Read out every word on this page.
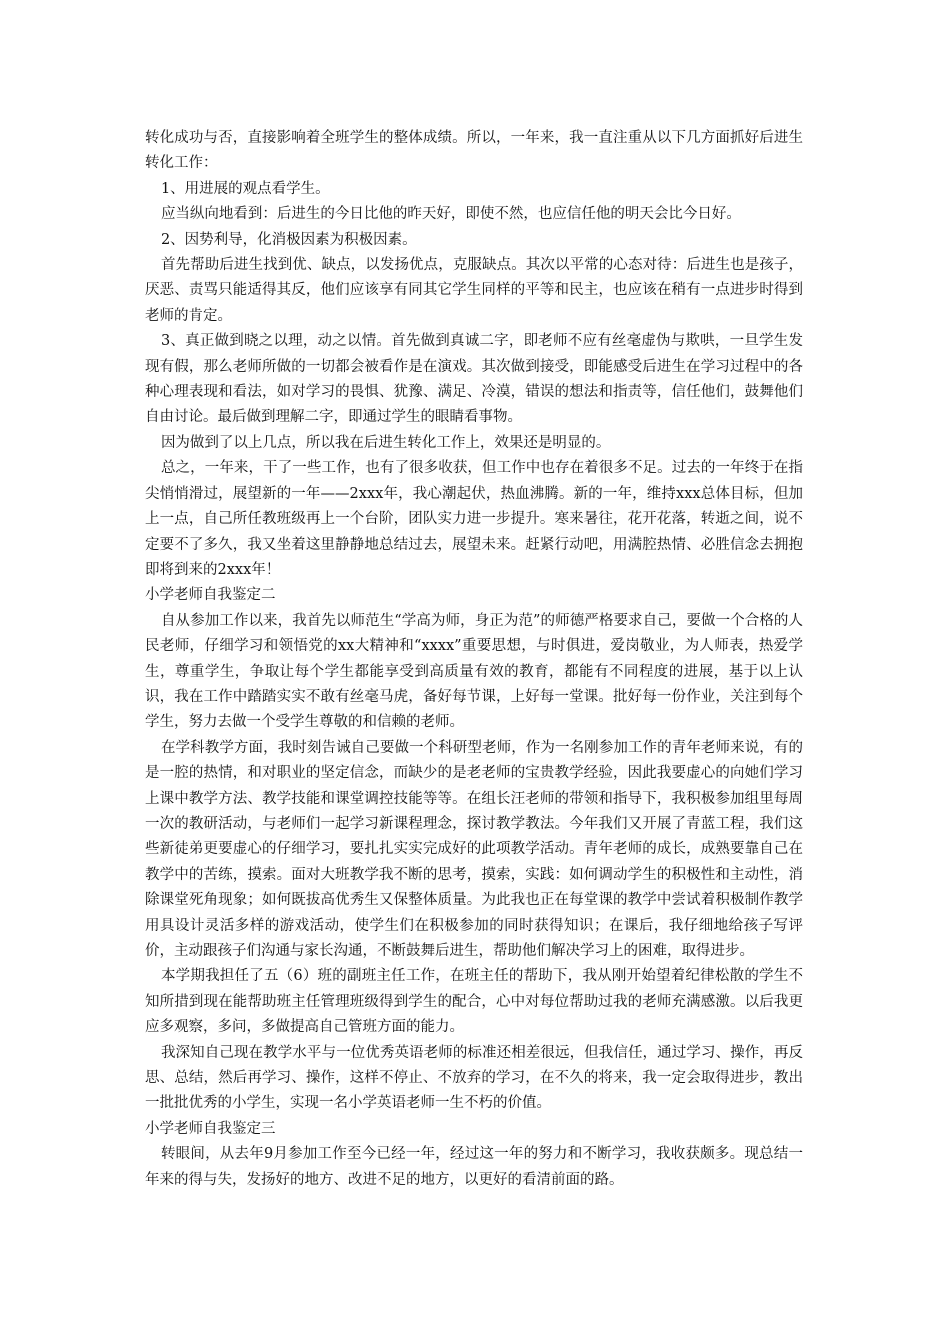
转化成功与否，直接影响着全班学生的整体成绩。所以，一年来，我一直注重从以下几方面抓好后进生转化工作：

1、用进展的观点看学生。

应当纵向地看到：后进生的今日比他的昨天好，即使不然，也应信任他的明天会比今日好。

2、因势利导，化消极因素为积极因素。

首先帮助后进生找到优、缺点，以发扬优点，克服缺点。其次以平常的心态对待：后进生也是孩子，厌恶、责骂只能适得其反，他们应该享有同其它学生同样的平等和民主，也应该在稍有一点进步时得到老师的肯定。

3、真正做到晓之以理，动之以情。首先做到真诚二字，即老师不应有丝毫虚伪与欺哄，一旦学生发现有假，那么老师所做的一切都会被看作是在演戏。其次做到接受，即能感受后进生在学习过程中的各种心理表现和看法，如对学习的畏惧、犹豫、满足、冷漠，错误的想法和指责等，信任他们，鼓舞他们自由讨论。最后做到理解二字，即通过学生的眼睛看事物。

因为做到了以上几点，所以我在后进生转化工作上，效果还是明显的。

总之，一年来，干了一些工作，也有了很多收获，但工作中也存在着很多不足。过去的一年终于在指尖悄悄滑过，展望新的一年——2xxx年，我心潮起伏，热血沸腾。新的一年，维持xxx总体目标，但加上一点，自己所任教班级再上一个台阶，团队实力进一步提升。寒来暑往，花开花落，转逝之间，说不定要不了多久，我又坐着这里静静地总结过去，展望未来。赶紧行动吧，用满腔热情、必胜信念去拥抱即将到来的2xxx年！

小学老师自我鉴定二

自从参加工作以来，我首先以师范生“学高为师，身正为范”的师德严格要求自己，要做一个合格的人民老师，仔细学习和领悟党的xx大精神和“xxxx”重要思想，与时俱进，爱岗敬业，为人师表，热爱学生，尊重学生，争取让每个学生都能享受到高质量有效的教育，都能有不同程度的进展，基于以上认识，我在工作中踏踏实实不敢有丝毫马虎，备好每节课，上好每一堂课。批好每一份作业，关注到每个学生，努力去做一个受学生尊敬的和信赖的老师。

在学科教学方面，我时刻告诫自己要做一个科研型老师，作为一名刚参加工作的青年老师来说，有的是一腔的热情，和对职业的坚定信念，而缺少的是老老师的宝贵教学经验，因此我要虚心的向她们学习上课中教学方法、教学技能和课堂调控技能等等。在组长汪老师的带领和指导下，我积极参加组里每周一次的教研活动，与老师们一起学习新课程理念，探讨教学教法。今年我们又开展了青蓝工程，我们这些新徒弟更要虚心的仔细学习，要扎扎实实完成好的此项教学活动。青年老师的成长，成熟要靠自己在教学中的苦练，摸索。面对大班教学我不断的思考，摸索，实践：如何调动学生的积极性和主动性，消除课堂死角现象；如何既拔高优秀生又保整体质量。为此我也正在每堂课的教学中尝试着积极制作教学用具设计灵活多样的游戏活动，使学生们在积极参加的同时获得知识；在课后，我仔细地给孩子写评价，主动跟孩子们沟通与家长沟通，不断鼓舞后进生，帮助他们解决学习上的困难，取得进步。

本学期我担任了五（6）班的副班主任工作，在班主任的帮助下，我从刚开始望着纪律松散的学生不知所措到现在能帮助班主任管理班级得到学生的配合，心中对每位帮助过我的老师充满感激。以后我更应多观察，多问，多做提高自己管班方面的能力。

我深知自己现在教学水平与一位优秀英语老师的标准还相差很远，但我信任，通过学习、操作，再反思、总结，然后再学习、操作，这样不停止、不放弃的学习，在不久的将来，我一定会取得进步，教出一批批优秀的小学生，实现一名小学英语老师一生不朽的价值。

小学老师自我鉴定三

转眼间，从去年9月参加工作至今已经一年，经过这一年的努力和不断学习，我收获颇多。现总结一年来的得与失，发扬好的地方、改进不足的地方，以更好的看清前面的路。
